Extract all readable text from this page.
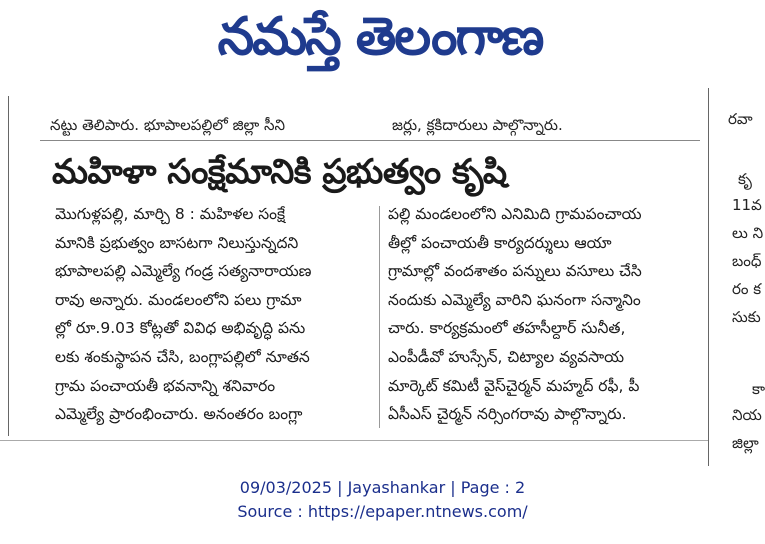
నమస్తే తెలంగాణ
నట్టు తెలిపారు. భూపాలపల్లిలో జిల్లా సీని	జర్లు, క్లకిదారులు పాల్గొన్నారు.	రవా
కృ
11వ
లు ని
బంధ్
రం క
సుకు
కా
నియ
జిల్లా
మహిళా సంక్షేమానికి ప్రభుత్వం కృషి
మొగుళ్లపల్లి, మార్చి 8 : మహిళల సంక్షే
మానికి ప్రభుత్వం బాసటగా నిలుస్తున్నదని
భూపాలపల్లి ఎమ్మెల్యే గండ్ర సత్యనారాయణ
రావు అన్నారు. మండలంలోని పలు గ్రామా
ల్లో రూ.9.03 కోట్లతో వివిధ అభివృద్ధి పను
లకు శంకుస్థాపన చేసి, బంగ్లాపల్లిలో నూతన
గ్రామ పంచాయతీ భవనాన్ని శనివారం
ఎమ్మెల్యే ప్రారంభించారు. అనంతరం బంగ్లా
పల్లి మండలంలోని ఎనిమిది గ్రామపంచాయ
తీల్లో పంచాయతీ కార్యదర్శులు ఆయా
గ్రామాల్లో వందశాతం పన్నులు వసూలు చేసి
నందుకు ఎమ్మెల్యే వారిని ఘనంగా సన్మానిం
చారు. కార్యక్రమంలో తహసీల్దార్ సునీత,
ఎంపీడీవో హుస్సేన్, చిట్యాల వ్యవసాయ
మార్కెట్ కమిటీ వైస్‌చైర్మన్ మహ్మద్ రఫీ, పీ
ఏసీఎస్ చైర్మన్ నర్సింగరావు పాల్గొన్నారు.
09/03/2025 | Jayashankar | Page : 2
Source : https://epaper.ntnews.com/
